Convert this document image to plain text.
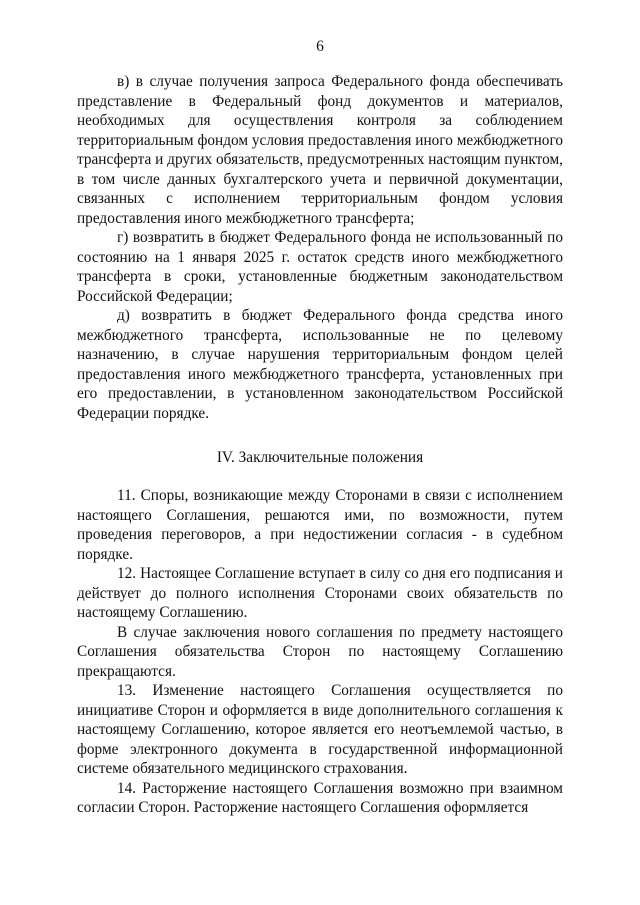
6

в) в случае получения запроса Федерального фонда обеспечивать представление в Федеральный фонд документов и материалов, необходимых для осуществления контроля за соблюдением территориальным фондом условия предоставления иного межбюджетного трансферта и других обязательств, предусмотренных настоящим пунктом, в том числе данных бухгалтерского учета и первичной документации, связанных с исполнением территориальным фондом условия предоставления иного межбюджетного трансферта;

г) возвратить в бюджет Федерального фонда не использованный по состоянию на 1 января 2025 г. остаток средств иного межбюджетного трансферта в сроки, установленные бюджетным законодательством Российской Федерации;

д) возвратить в бюджет Федерального фонда средства иного межбюджетного трансферта, использованные не по целевому назначению, в случае нарушения территориальным фондом целей предоставления иного межбюджетного трансферта, установленных при его предоставлении, в установленном законодательством Российской Федерации порядке.

IV. Заключительные положения

11. Споры, возникающие между Сторонами в связи с исполнением настоящего Соглашения, решаются ими, по возможности, путем проведения переговоров, а при недостижении согласия - в судебном порядке.

12. Настоящее Соглашение вступает в силу со дня его подписания и действует до полного исполнения Сторонами своих обязательств по настоящему Соглашению.

В случае заключения нового соглашения по предмету настоящего Соглашения обязательства Сторон по настоящему Соглашению прекращаются.

13. Изменение настоящего Соглашения осуществляется по инициативе Сторон и оформляется в виде дополнительного соглашения к настоящему Соглашению, которое является его неотъемлемой частью, в форме электронного документа в государственной информационной системе обязательного медицинского страхования.

14. Расторжение настоящего Соглашения возможно при взаимном согласии Сторон. Расторжение настоящего Соглашения оформляется
